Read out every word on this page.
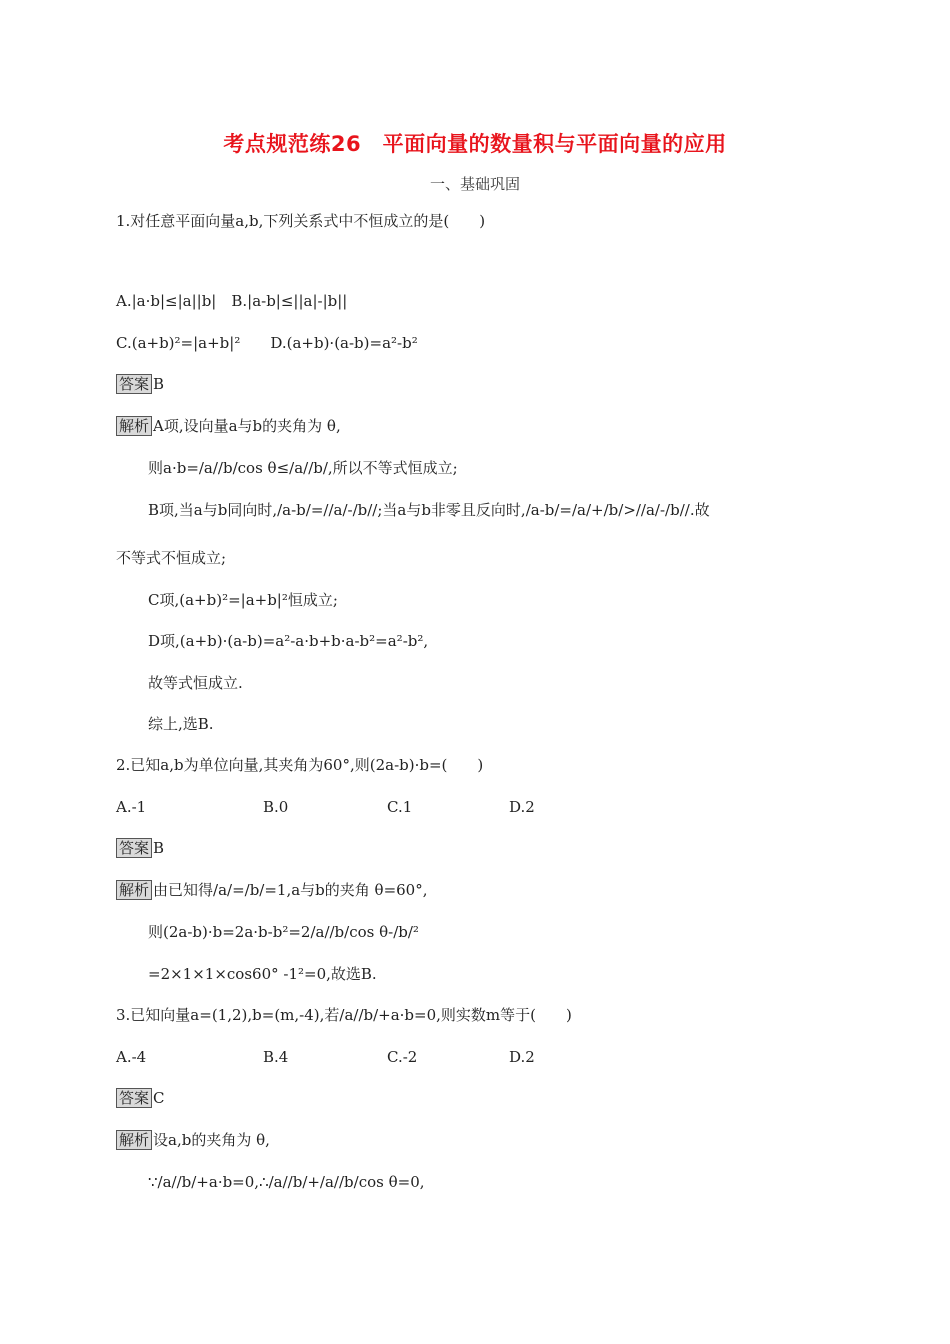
考点规范练26　平面向量的数量积与平面向量的应用
一、基础巩固
1.对任意平面向量a,b,下列关系式中不恒成立的是(　　)
A.|a·b|≤|a||b|　B.|a-b|≤||a|-|b||
C.(a+b)²=|a+b|²　　D.(a+b)·(a-b)=a²-b²
答案 B
解析 A项,设向量a与b的夹角为 θ,
则a·b=/a//b/cos θ≤/a//b/,所以不等式恒成立;
B项,当a与b同向时,/a-b/=//a/-/b//;当a与b非零且反向时,/a-b/=/a/+/b/>//a/-/b//.故
不等式不恒成立;
C项,(a+b)²=|a+b|²恒成立;
D项,(a+b)·(a-b)=a²-a·b+b·a-b²=a²-b²,
故等式恒成立.
综上,选B.
2.已知a,b为单位向量,其夹角为60°,则(2a-b)·b=(　　)
A.-1	B.0	C.1	D.2
答案 B
解析 由已知得/a/=/b/=1,a与b的夹角 θ=60°,
则(2a-b)·b=2a·b-b²=2/a//b/cos θ-/b/²
=2×1×1×cos60° -1²=0,故选B.
3.已知向量a=(1,2),b=(m,-4),若/a//b/+a·b=0,则实数m等于(　　)
A.-4	B.4	C.-2	D.2
答案 C
解析 设a,b的夹角为 θ,
∵/a//b/+a·b=0,∴/a//b/+/a//b/cos θ=0,
